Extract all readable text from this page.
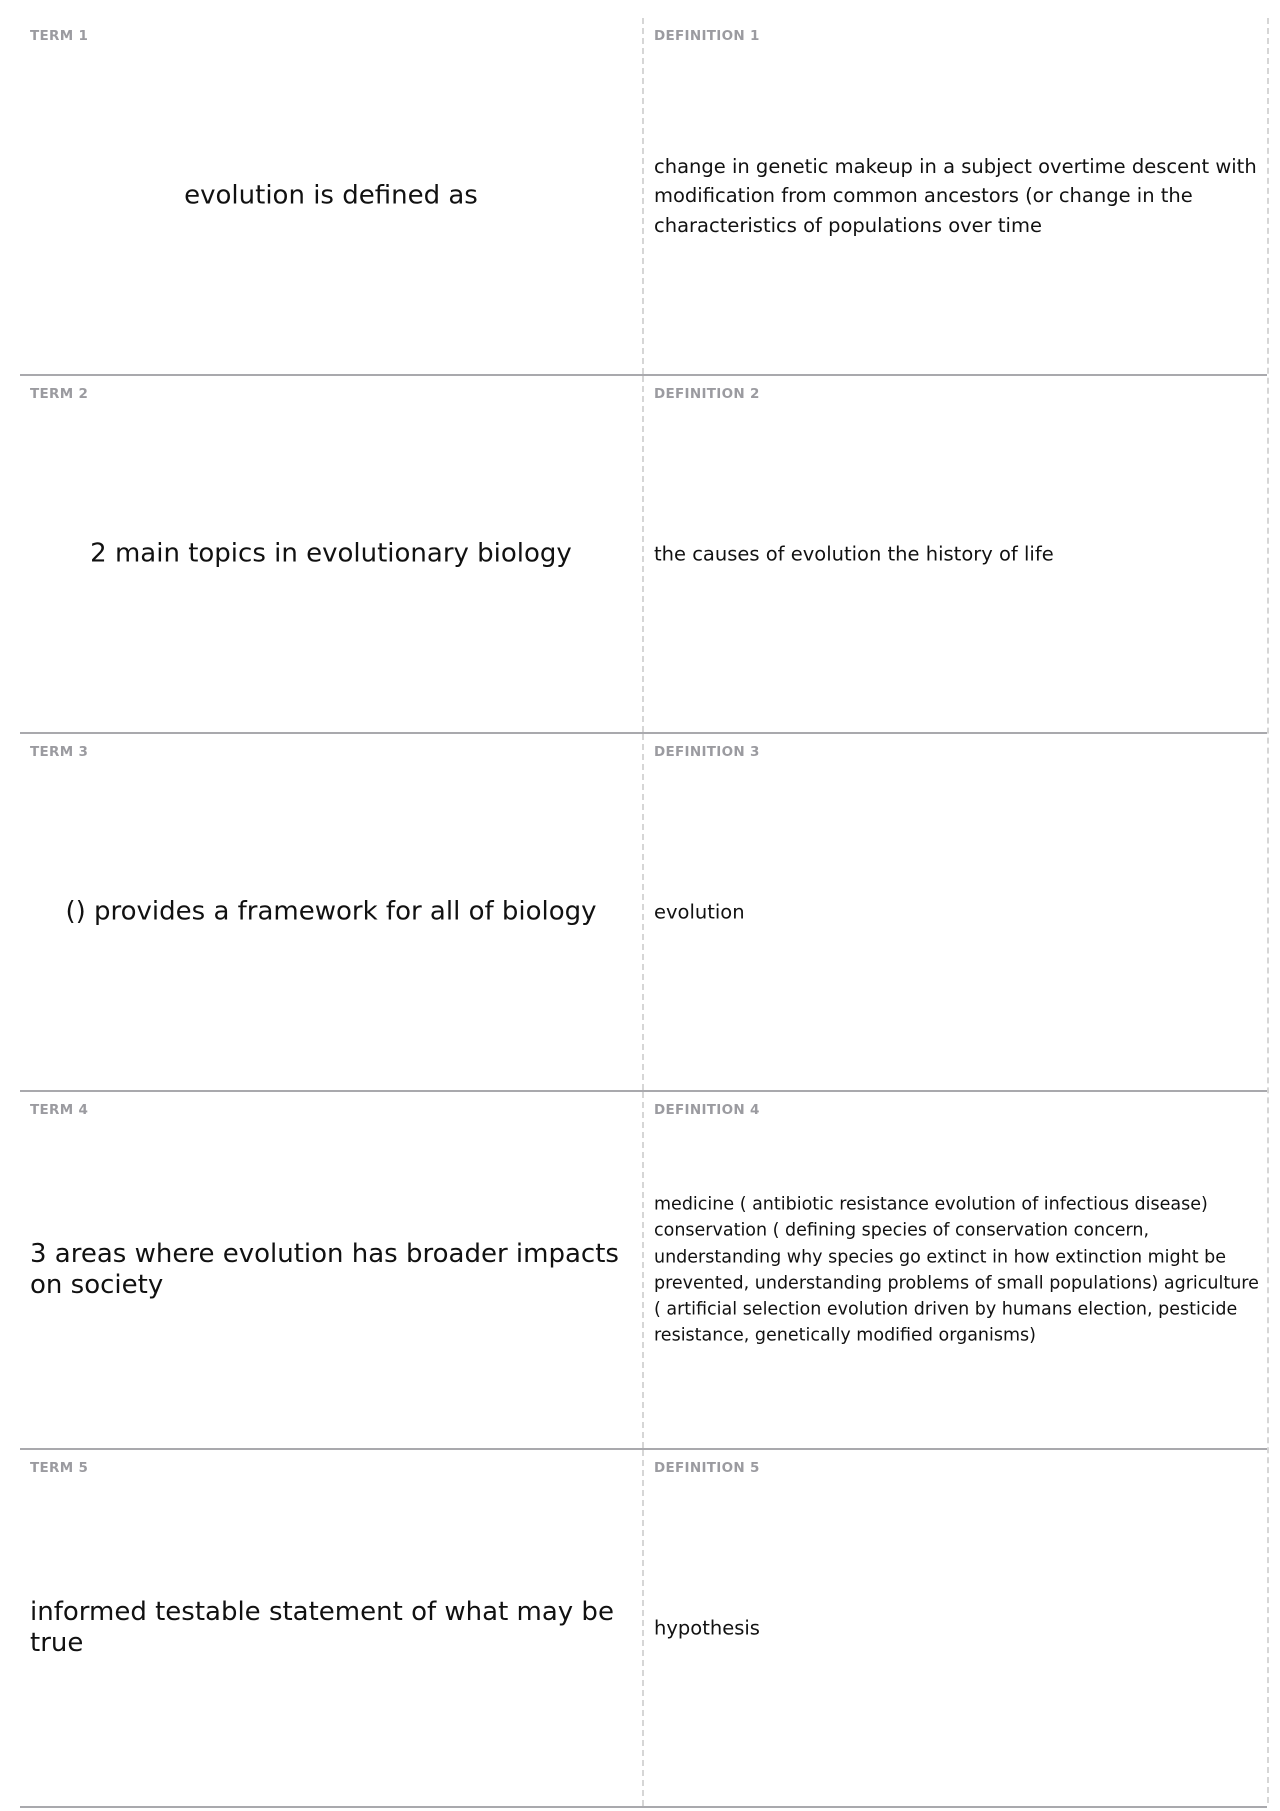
TERM 1
evolution is defined as
DEFINITION 1
change in genetic makeup in a subject overtime descent with modification from common ancestors (or change in the characteristics of populations over time
TERM 2
2 main topics in evolutionary biology
DEFINITION 2
the causes of evolution the history of life
TERM 3
() provides a framework for all of biology
DEFINITION 3
evolution
TERM 4
3 areas where evolution has broader impacts on society
DEFINITION 4
medicine ( antibiotic resistance evolution of infectious disease) conservation ( defining species of conservation concern, understanding why species go extinct in how extinction might be prevented, understanding problems of small populations) agriculture ( artificial selection evolution driven by humans election, pesticide resistance, genetically modified organisms)
TERM 5
informed testable statement of what may be true
DEFINITION 5
hypothesis
